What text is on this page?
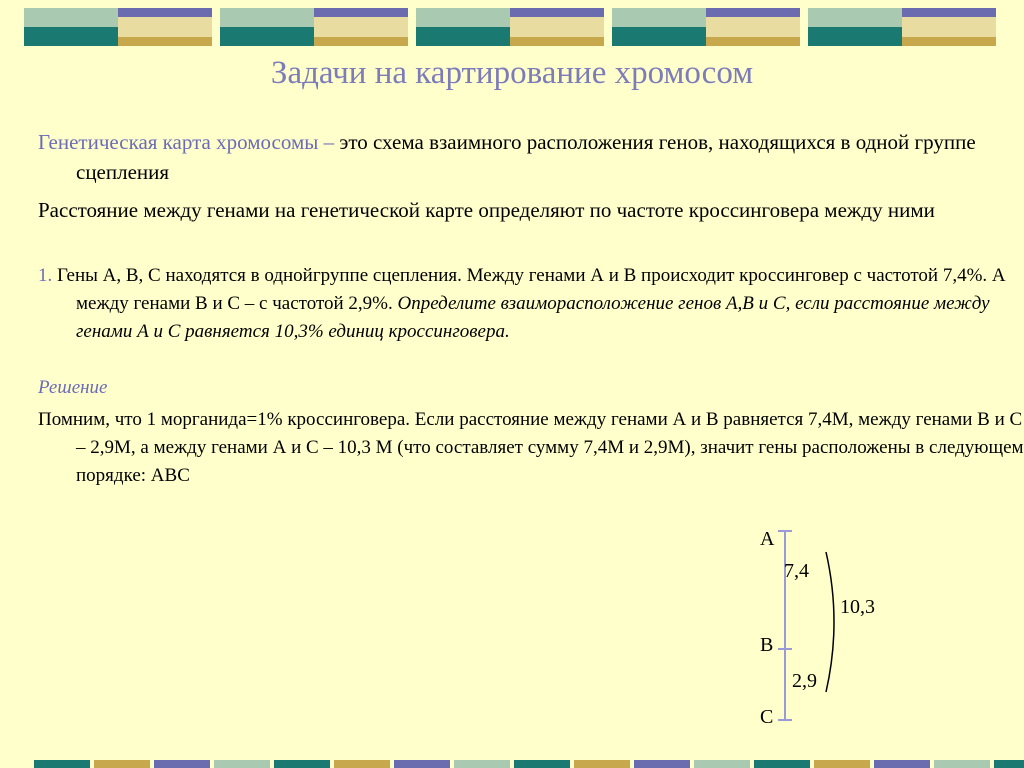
Задачи на картирование хромосом
Генетическая карта хромосомы – это схема взаимного расположения генов, находящихся в одной группе сцепления
Расстояние между генами на генетической карте определяют по частоте кроссинговера между ними
1. Гены А, В, С находятся в однойгруппе сцепления. Между генами А и В происходит кроссинговер с частотой 7,4%. А между генами В и С – с частотой 2,9%. Определите взаиморасположение генов А,В и С, если расстояние между генами А и С равняется 10,3% единиц кроссинговера.
Решение
Помним, что 1 морганида=1% кроссинговера. Если расстояние между генами А и В равняется 7,4М, между генами В и С – 2,9М, а между генами А и С – 10,3 М (что составляет сумму 7,4М и 2,9М), значит гены расположены в следующем порядке: АВС
А
7,4
10,3
В
2,9
С
